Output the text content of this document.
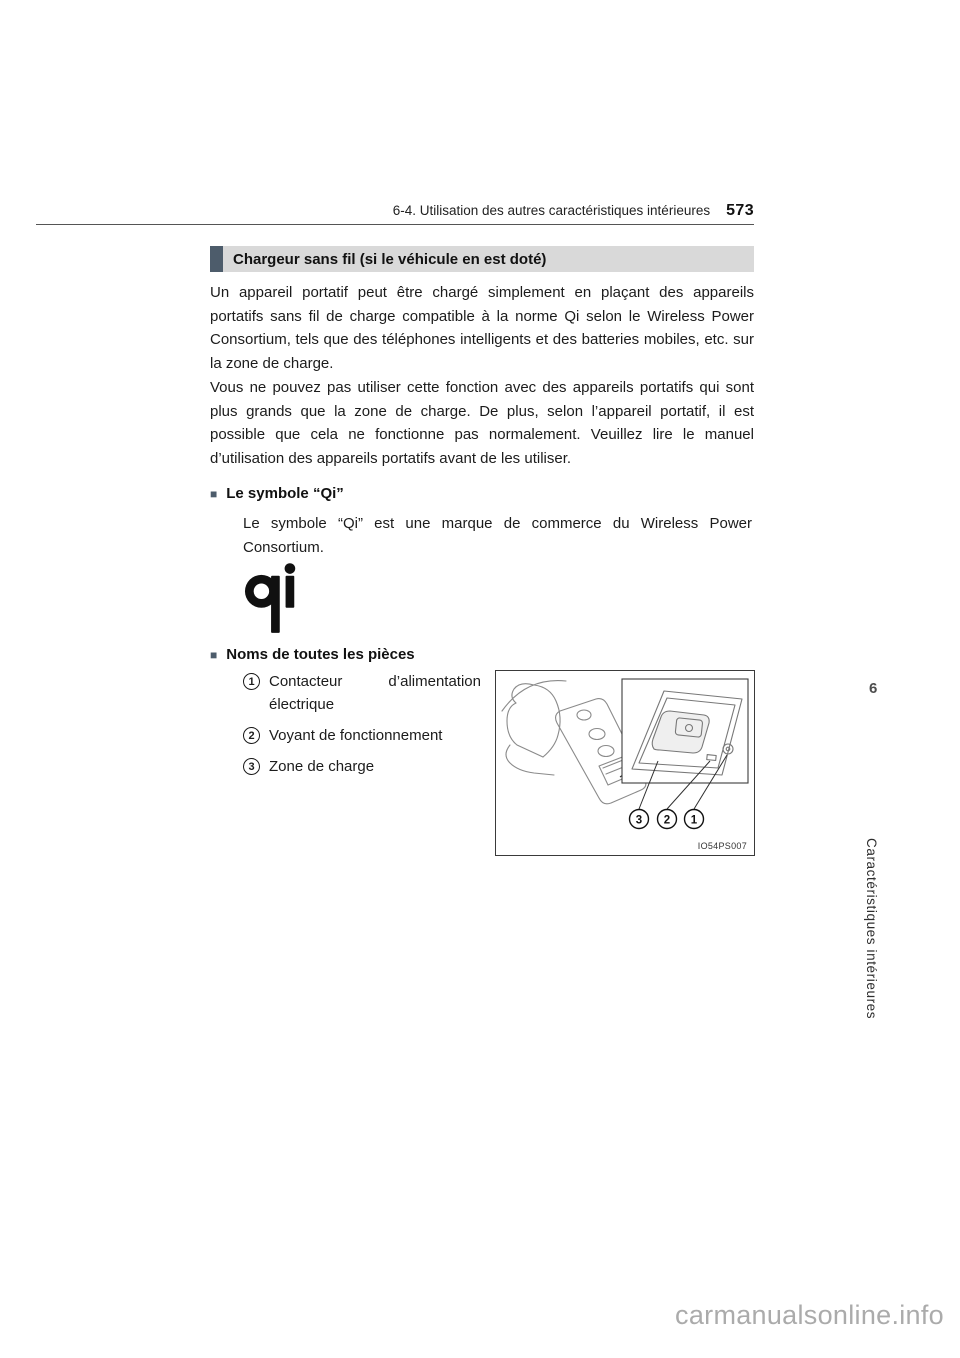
6-4. Utilisation des autres caractéristiques intérieures 573
Chargeur sans fil (si le véhicule en est doté)

Un appareil portatif peut être chargé simplement en plaçant des appareils portatifs sans fil de charge compatible à la norme Qi selon le Wireless Power Consortium, tels que des téléphones intelligents et des batteries mobiles, etc. sur la zone de charge.

Vous ne pouvez pas utiliser cette fonction avec des appareils portatifs qui sont plus grands que la zone de charge. De plus, selon l’appareil portatif, il est possible que cela ne fonctionne pas normalement. Veuillez lire le manuel d’utilisation des appareils portatifs avant de les utiliser.

■ Le symbole “Qi”

Le symbole “Qi” est une marque de commerce du Wireless Power Consortium.

■ Noms de toutes les pièces
1 Contacteur d’alimentation électrique
2 Voyant de fonctionnement
3 Zone de charge
3 2 1
IO54PS007
6
Caractéristiques intérieures
carmanualsonline.info
